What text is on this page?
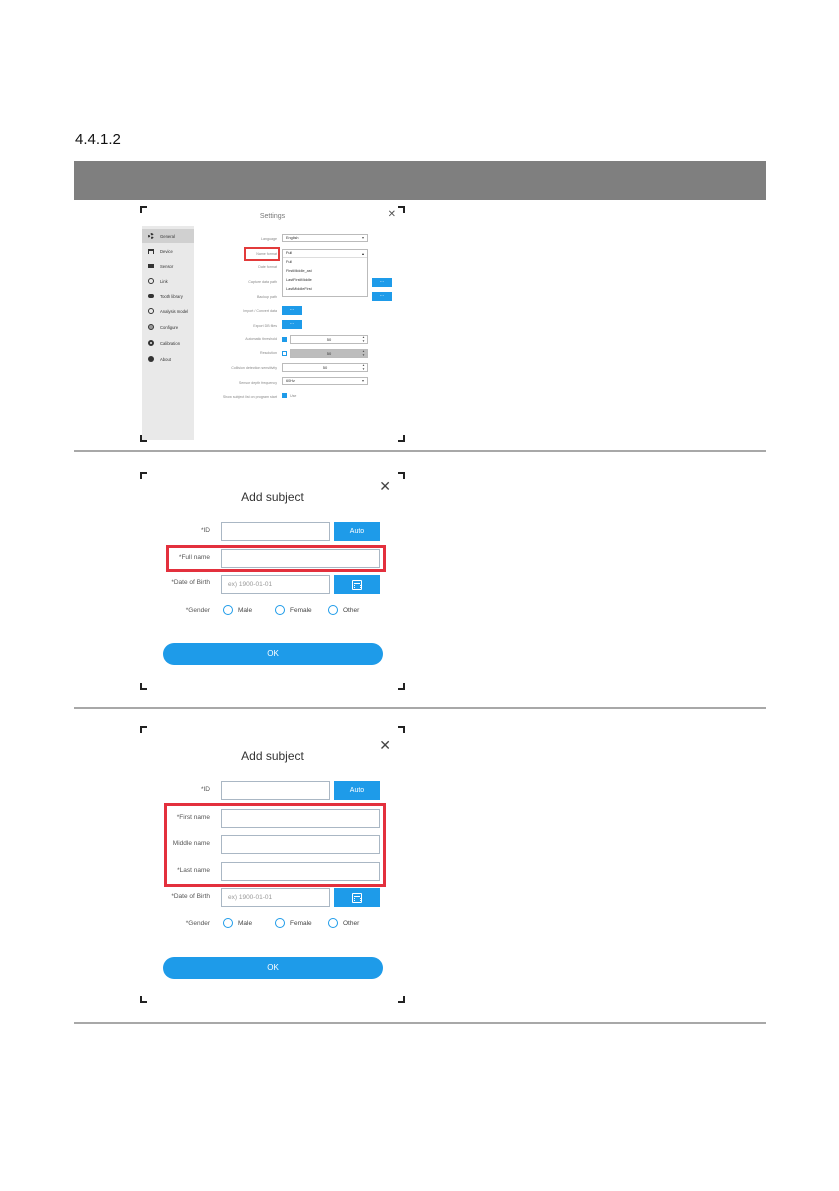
4.4.1.2
Settings	✕
General
Device
Sensor
Link
Tooth library
Analysis model
Configure
Calibration
About
Language	English	▾
Name format	Full	▴
Full
FirstMiddle_ast
LastFirstMiddle
LastMiddleFirst
Date format
Capture data path	...
Backup path	...
Import / Convert data	...
Export DB files	...
Automatic threshold	50	▲
▼
Resolution	50	▲
▼
Collision detection sensitivity	50	▲
▼
Sensor depth frequency	60Hz	▾
Show subject list on program start	Use
Add subject
✕
*ID	Auto
*Full name
*Date of Birth	ex) 1900-01-01
*Gender	Male	Female	Other
OK
Add subject
✕
*ID	Auto
*First name
Middle name
*Last name
*Date of Birth	ex) 1900-01-01
*Gender	Male	Female	Other
OK
